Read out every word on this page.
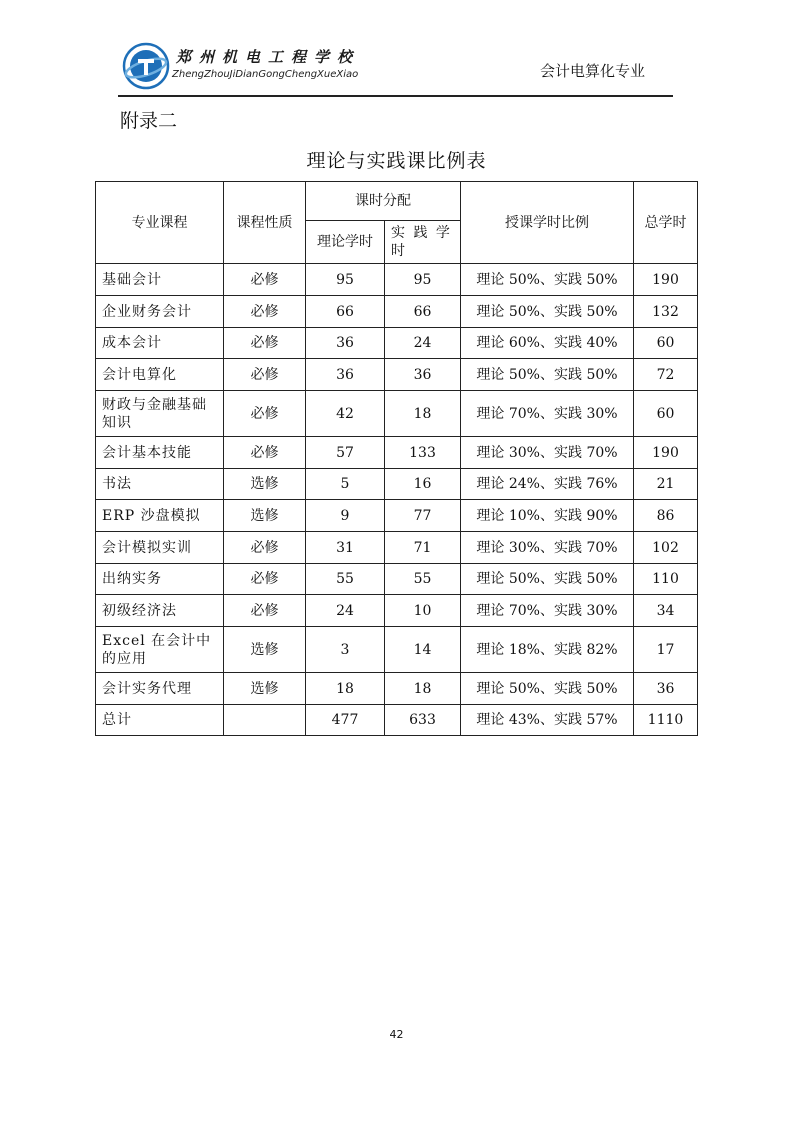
郑州机电工程学校
ZhengZhouJiDianGongChengXueXiao	会计电算化专业
附录二
理论与实践课比例表
专业课程	课程性质	课时分配		授课学时比例	总学时
		理论学时	实 践 学 时		
基础会计	必修	95	95	理论 50%、实践 50%	190
企业财务会计	必修	66	66	理论 50%、实践 50%	132
成本会计	必修	36	24	理论 60%、实践 40%	60
会计电算化	必修	36	36	理论 50%、实践 50%	72
财政与金融基础知识	必修	42	18	理论 70%、实践 30%	60
会计基本技能	必修	57	133	理论 30%、实践 70%	190
书法	选修	5	16	理论 24%、实践 76%	21
ERP 沙盘模拟	选修	9	77	理论 10%、实践 90%	86
会计模拟实训	必修	31	71	理论 30%、实践 70%	102
出纳实务	必修	55	55	理论 50%、实践 50%	110
初级经济法	必修	24	10	理论 70%、实践 30%	34
Excel 在会计中的应用	选修	3	14	理论 18%、实践 82%	17
会计实务代理	选修	18	18	理论 50%、实践 50%	36
总计		477	633	理论 43%、实践 57%	1110
42
